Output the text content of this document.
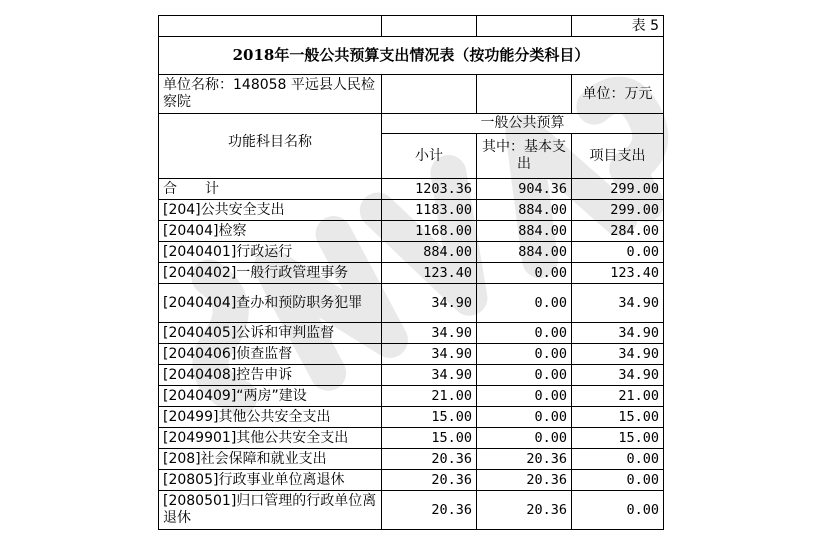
			表 5
2018年一般公共预算支出情况表（按功能分类科目）			
单位名称：148058 平远县人民检察院			单位：万元
功能科目名称	一般公共预算		
	小计	其中：基本支出	项目支出
合　　计	1203.36	904.36	299.00
[204]公共安全支出	1183.00	884.00	299.00
[20404]检察	1168.00	884.00	284.00
[2040401]行政运行	884.00	884.00	0.00
[2040402]一般行政管理事务	123.40	0.00	123.40
[2040404]查办和预防职务犯罪	34.90	0.00	34.90
[2040405]公诉和审判监督	34.90	0.00	34.90
[2040406]侦查监督	34.90	0.00	34.90
[2040408]控告申诉	34.90	0.00	34.90
[2040409]“两房”建设	21.00	0.00	21.00
[20499]其他公共安全支出	15.00	0.00	15.00
[2049901]其他公共安全支出	15.00	0.00	15.00
[208]社会保障和就业支出	20.36	20.36	0.00
[20805]行政事业单位离退休	20.36	20.36	0.00
[2080501]归口管理的行政单位离退休	20.36	20.36	0.00
